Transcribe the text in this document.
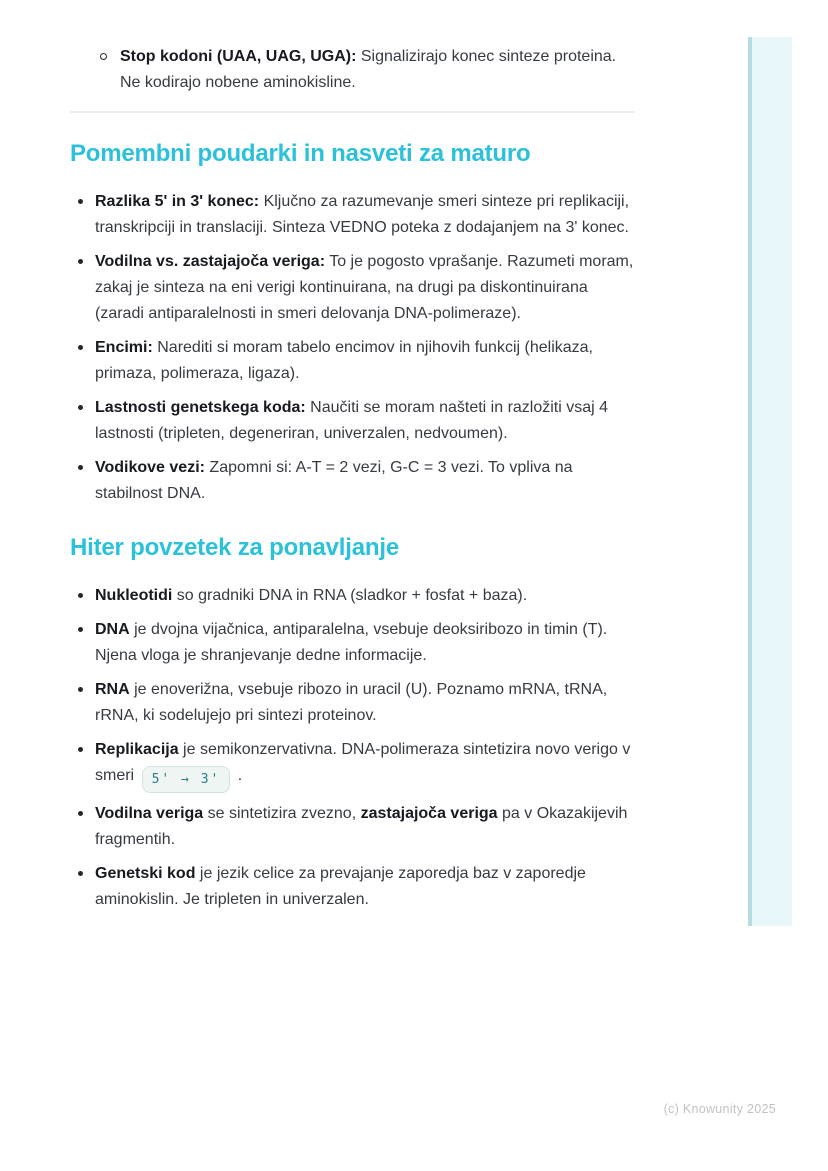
Stop kodoni (UAA, UAG, UGA): Signalizirajo konec sinteze proteina. Ne kodirajo nobene aminokisline.

Pomembni poudarki in nasveti za maturo

Razlika 5' in 3' konec: Ključno za razumevanje smeri sinteze pri replikaciji, transkripciji in translaciji. Sinteza VEDNO poteka z dodajanjem na 3' konec.

Vodilna vs. zastajajoča veriga: To je pogosto vprašanje. Razumeti moram, zakaj je sinteza na eni verigi kontinuirana, na drugi pa diskontinuirana (zaradi antiparalelnosti in smeri delovanja DNA-polimeraze).

Encimi: Narediti si moram tabelo encimov in njihovih funkcij (helikaza, primaza, polimeraza, ligaza).

Lastnosti genetskega koda: Naučiti se moram našteti in razložiti vsaj 4 lastnosti (tripleten, degeneriran, univerzalen, nedvoumen).

Vodikove vezi: Zapomni si: A-T = 2 vezi, G-C = 3 vezi. To vpliva na stabilnost DNA.

Hiter povzetek za ponavljanje

Nukleotidi so gradniki DNA in RNA (sladkor + fosfat + baza).

DNA je dvojna vijačnica, antiparalelna, vsebuje deoksiribozo in timin (T). Njena vloga je shranjevanje dedne informacije.

RNA je enoverižna, vsebuje ribozo in uracil (U). Poznamo mRNA, tRNA, rRNA, ki sodelujejo pri sintezi proteinov.

Replikacija je semikonzervativna. DNA-polimeraza sintetizira novo verigo v smeri 5' → 3' .

Vodilna veriga se sintetizira zvezno, zastajajoča veriga pa v Okazakijevih fragmentih.

Genetski kod je jezik celice za prevajanje zaporedja baz v zaporedje aminokislin. Je tripleten in univerzalen.

(c) Knowunity 2025
